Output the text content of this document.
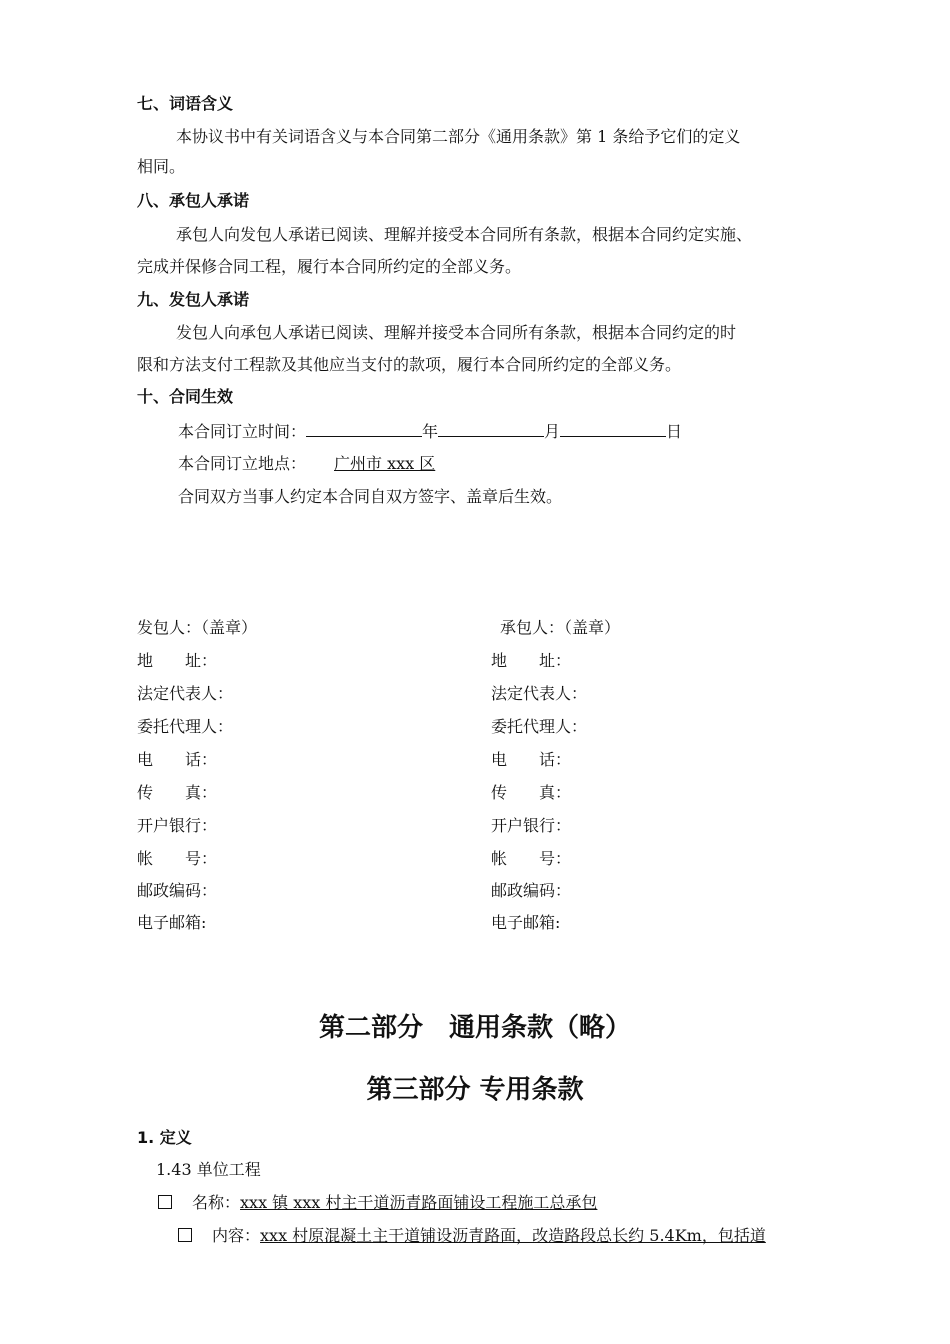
七、词语含义
本协议书中有关词语含义与本合同第二部分《通用条款》第 1 条给予它们的定义
相同。
八、承包人承诺
承包人向发包人承诺已阅读、理解并接受本合同所有条款，根据本合同约定实施、
完成并保修合同工程，履行本合同所约定的全部义务。
九、发包人承诺
发包人向承包人承诺已阅读、理解并接受本合同所有条款，根据本合同约定的时
限和方法支付工程款及其他应当支付的款项，履行本合同所约定的全部义务。
十、合同生效
本合同订立时间：	年	月	日
本合同订立地点： 广州市 xxx 区
合同双方当事人约定本合同自双方签字、盖章后生效。
发包人：（盖章）
地　　址：
法定代表人：
委托代理人：
电　　话：
传　　真：
开户银行：
帐　　号：
邮政编码：
电子邮箱:
承包人：（盖章）
地　　址：
法定代表人：
委托代理人：
电　　话：
传　　真：
开户银行：
帐　　号：
邮政编码：
电子邮箱:
第二部分　通用条款（略）
第三部分 专用条款
1. 定义
1.43 单位工程
名称：xxx 镇 xxx 村主干道沥青路面铺设工程施工总承包
内容：xxx 村原混凝土主干道铺设沥青路面，改造路段总长约 5.4Km，包括道
